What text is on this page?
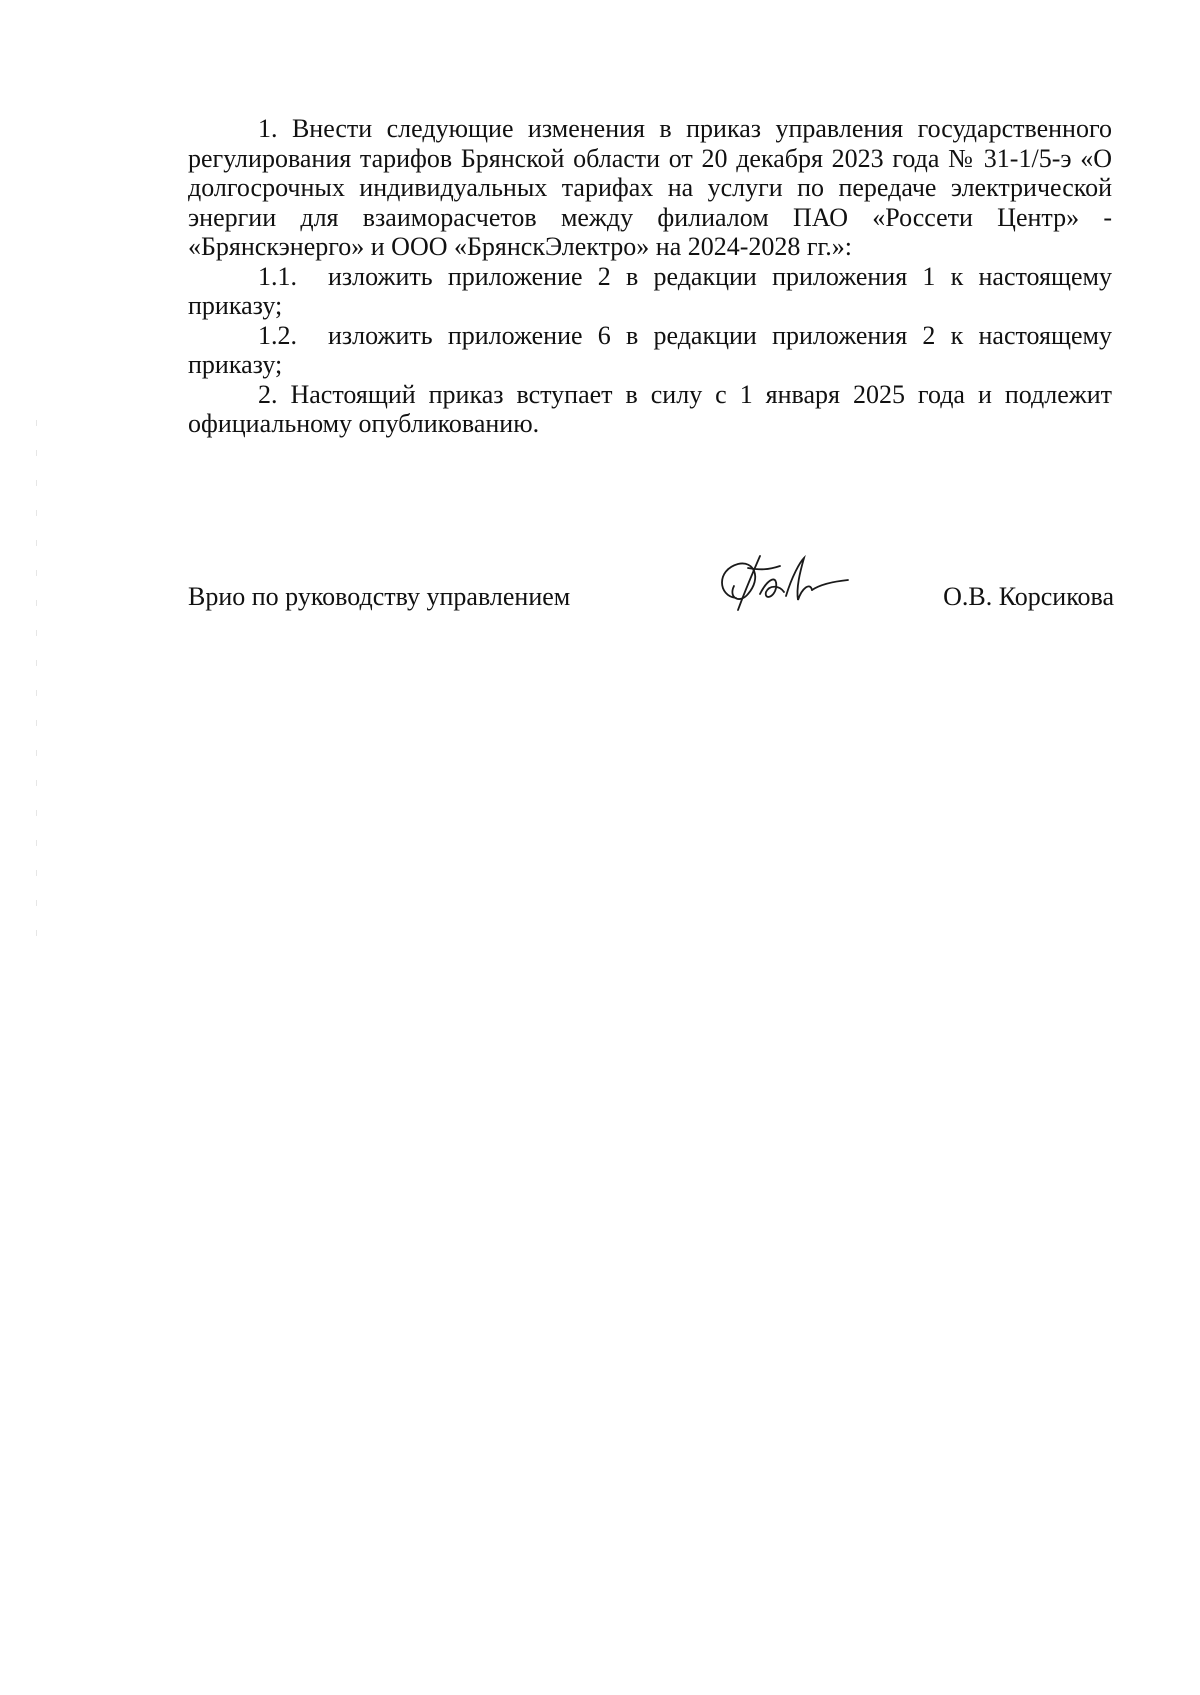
1. Внести следующие изменения в приказ управления государственного регулирования тарифов Брянской области от 20 декабря 2023 года № 31-1/5-э «О долгосрочных индивидуальных тарифах на услуги по передаче электрической энергии для взаиморасчетов между филиалом ПАО «Россети Центр» - «Брянскэнерго» и ООО «БрянскЭлектро» на 2024-2028 гг.»:

1.1. изложить приложение 2 в редакции приложения 1 к настоящему приказу;

1.2. изложить приложение 6 в редакции приложения 2 к настоящему приказу;

2. Настоящий приказ вступает в силу с 1 января 2025 года и подлежит официальному опубликованию.

Врио по руководству управлением	О.В. Корсикова
